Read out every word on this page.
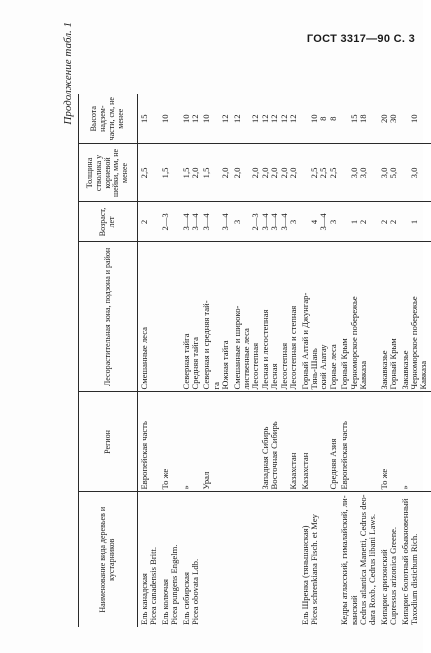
ГОСТ 3317—90 С. 3
Продолжение табл. 1
Наименование вида деревьев и кустарников	Регион	Лесорастительная зона, подзона и район	Возраст, лет	Толщина стволика у корневой шейки, мм, не менее	Высота надзем- части, см, не менее
Ель канадская	Европейская часть	Смешанные леса	2	2,5	15
Picea canadensis Britt.					
Ель колючая	То же		2—3	1,5	10
Picea pungens Engelm.					
Ель сибирская	»	Северная тайга	3—4	1,5	10
Picea obovata Ldb.		Средняя тайга	3—4	2,0	12
	Урал	Северная и средняя тай-	3—4	1,5	10
		га			
		Южная тайга	3—4	2,0	12
		Смешанные и широко-	3	2,0	12
		лиственные леса			
		Лесостепная	2—3	2,0	12
	Западная Сибирь	Лесная и лесостепная	3—4	2,0	12
	Восточная Сибирь	Лесная	3—4	2,0	12
		Лесостепная	3—4	2,0	12
	Казахстан	Лесостепная и степная	3	2,0	12
Ель Шренка (тяньшанская)	Казахстан	Горный Алтай и Джунгар-			
Picea schrenkiana Fisch. et Mey		Тянь-Шань	4	2,5	10
		ский Алатау	3—4	2,5	8
	Средняя Азия	Горные леса	3	2,5	8
Кедры атласский, гималайский, ли-	Европейская часть	Горный Крым			
ванский		Черноморское побережье	1	3,0	15
Cedrus atlantica Manetti, Cedrus deo-		Кавказа	2	3,0	18
dara Roxb., Cedrus libani Laws.					
Кипарис аризонский	То же	Закавказье	2	3,0	20
Cupressus arizonica Greene.		Горный Крым	2	5,0	30
Кипарис болотный обыкновенный	»	Закавказье			
Taxodium distichum Rich.		Черноморское побережье	1	3,0	10
		Кавказа			
